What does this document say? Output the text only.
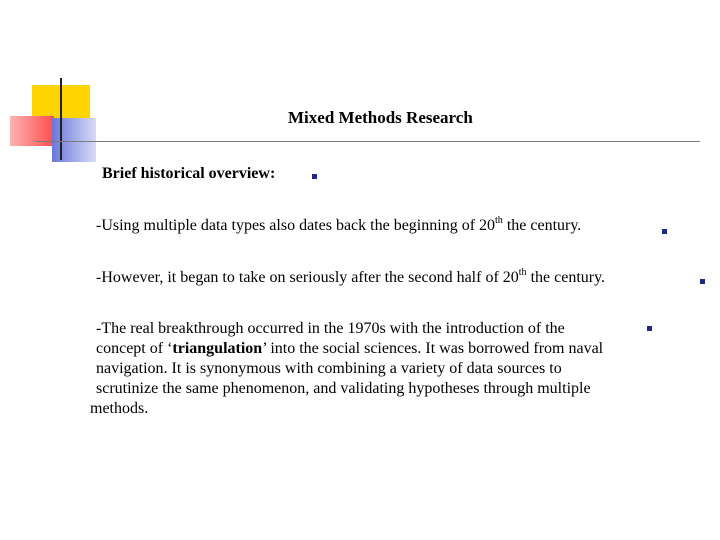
Mixed Methods Research
Brief historical overview:
-Using multiple data types also dates back the beginning of 20th the century.
-However, it began to take on seriously after the second half of 20th the century.
-The real breakthrough occurred in the 1970s with the introduction of the
concept of ‘triangulation’ into the social sciences. It was borrowed from naval
navigation. It is synonymous with combining a variety of data sources to
scrutinize the same phenomenon, and validating hypotheses through multiple
methods.
